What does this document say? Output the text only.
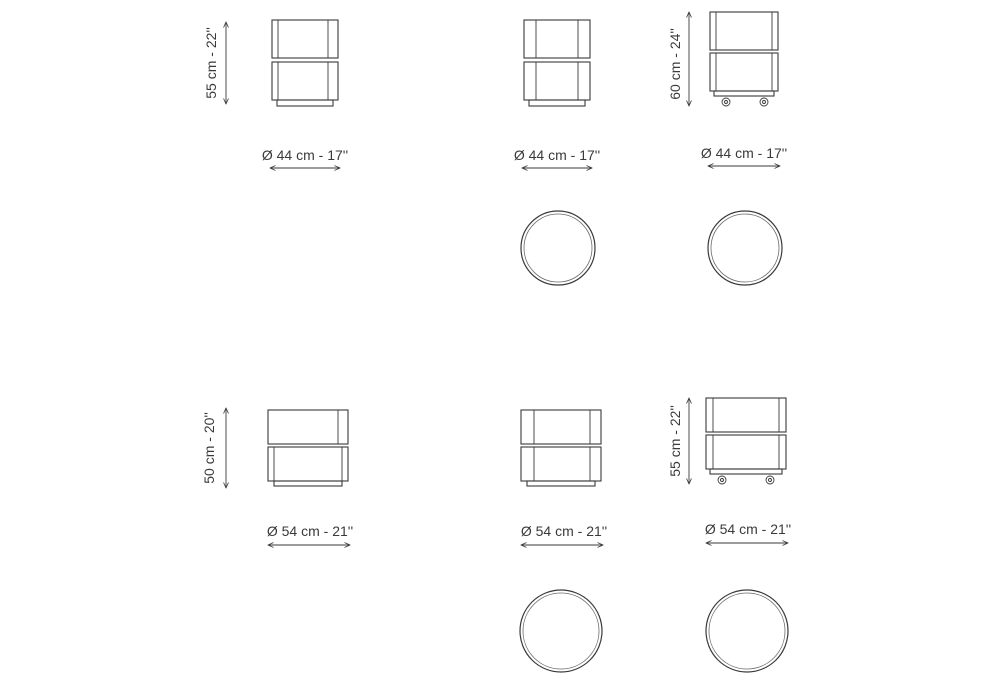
55 cm - 22''
Ø 44 cm - 17''	Ø 44 cm - 17''
60 cm - 24''
Ø 44 cm - 17''
50 cm - 20''
Ø 54 cm - 21''	Ø 54 cm - 21''
55 cm - 22''
Ø 54 cm - 21''
